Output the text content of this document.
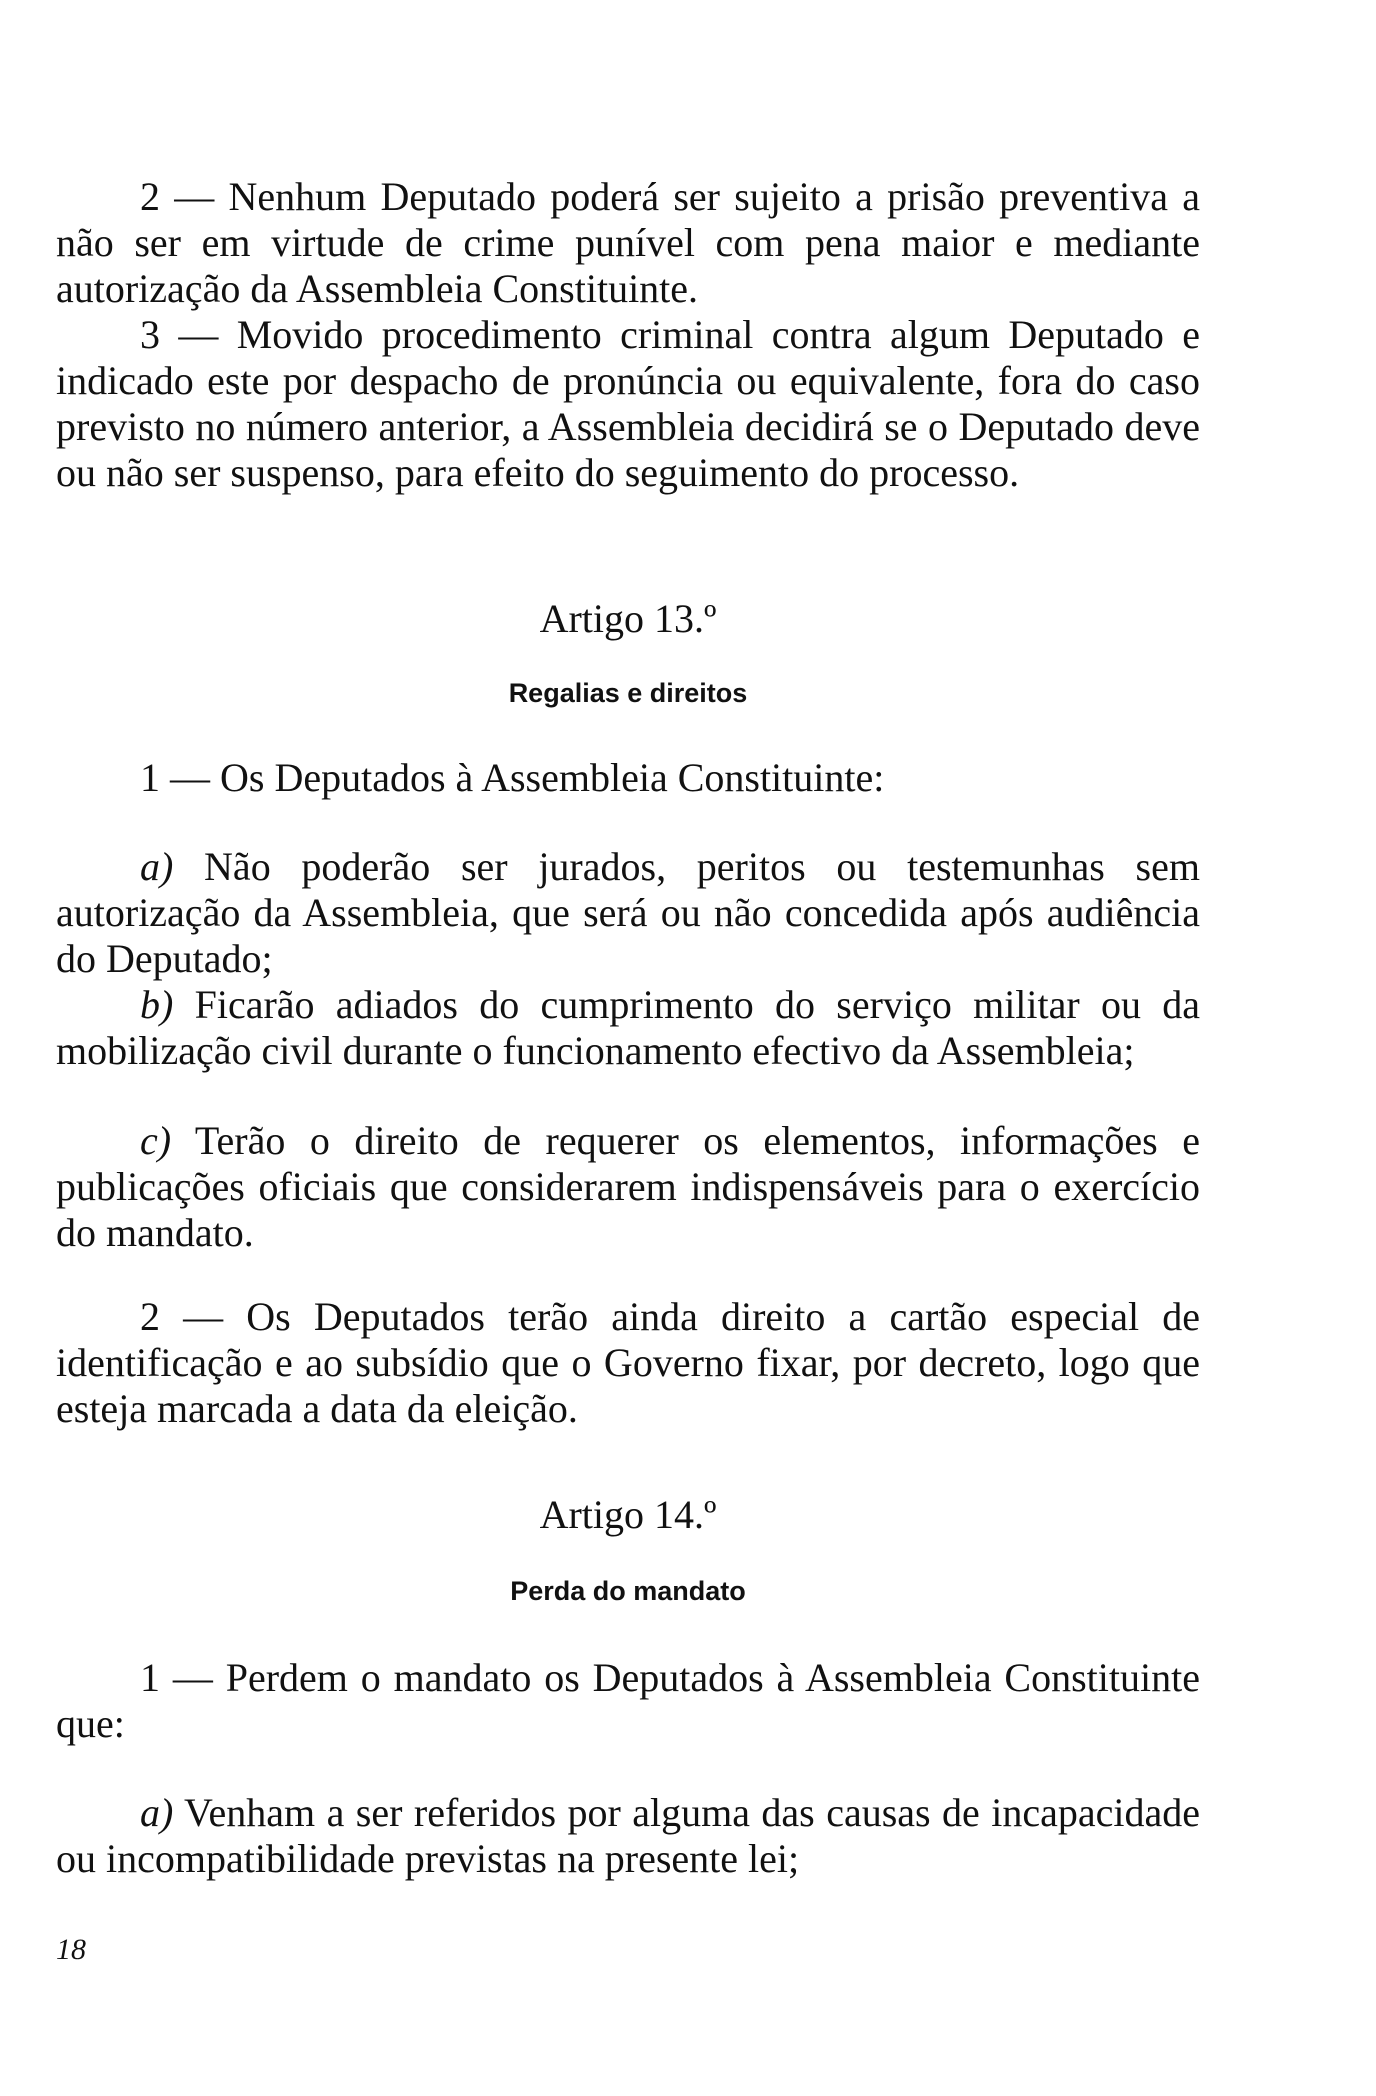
2 — Nenhum Deputado poderá ser sujeito a prisão preventiva a não ser em virtude de crime punível com pena maior e mediante autorização da Assembleia Constituinte.

3 — Movido procedimento criminal contra algum Deputado e indicado este por despacho de pronúncia ou equivalente, fora do caso previsto no número anterior, a Assembleia decidirá se o Deputado deve ou não ser suspenso, para efeito do seguimento do processo.

Artigo 13.º
Regalias e direitos

1 — Os Deputados à Assembleia Constituinte:

a) Não poderão ser jurados, peritos ou testemunhas sem autorização da Assembleia, que será ou não concedida após audiência do Deputado;

b) Ficarão adiados do cumprimento do serviço militar ou da mobilização civil durante o funcionamento efectivo da Assembleia;

c) Terão o direito de requerer os elementos, informações e publicações oficiais que considerarem indispensáveis para o exercício do mandato.

2 — Os Deputados terão ainda direito a cartão especial de identificação e ao subsídio que o Governo fixar, por decreto, logo que esteja marcada a data da eleição.

Artigo 14.º
Perda do mandato

1 — Perdem o mandato os Deputados à Assembleia Constituinte que:

a) Venham a ser referidos por alguma das causas de incapacidade ou incompatibilidade previstas na presente lei;

18
